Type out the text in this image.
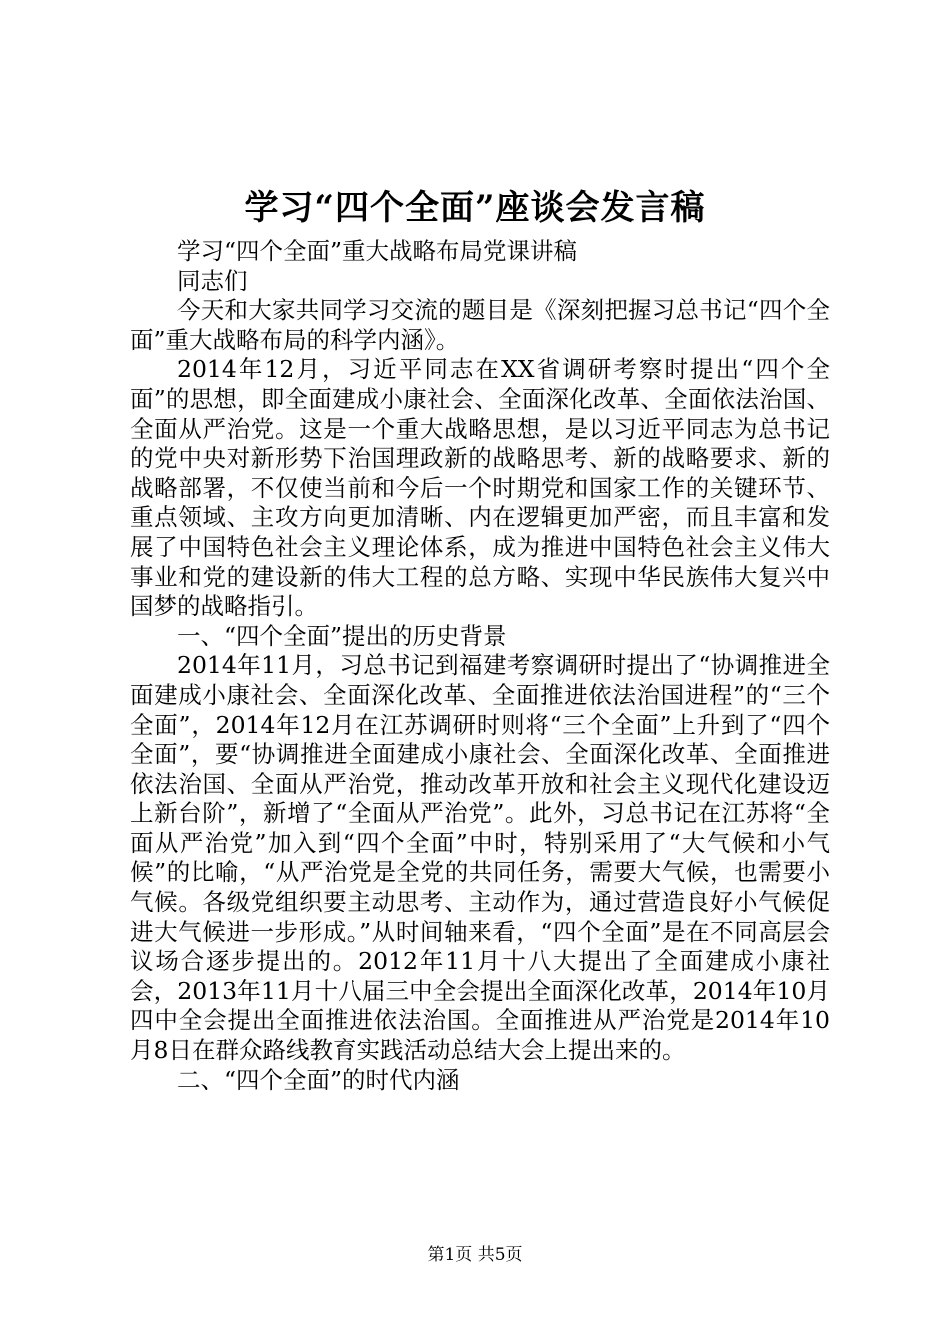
学习“四个全面”座谈会发言稿

学习“四个全面”重大战略布局党课讲稿

同志们

今天和大家共同学习交流的题目是《深刻把握习总书记“四个全面”重大战略布局的科学内涵》。

2014年12月，习近平同志在XX省调研考察时提出“四个全面”的思想，即全面建成小康社会、全面深化改革、全面依法治国、全面从严治党。这是一个重大战略思想，是以习近平同志为总书记的党中央对新形势下治国理政新的战略思考、新的战略要求、新的战略部署，不仅使当前和今后一个时期党和国家工作的关键环节、重点领域、主攻方向更加清晰、内在逻辑更加严密，而且丰富和发展了中国特色社会主义理论体系，成为推进中国特色社会主义伟大事业和党的建设新的伟大工程的总方略、实现中华民族伟大复兴中国梦的战略指引。

一、“四个全面”提出的历史背景

2014年11月，习总书记到福建考察调研时提出了“协调推进全面建成小康社会、全面深化改革、全面推进依法治国进程”的“三个全面”，2014年12月在江苏调研时则将“三个全面”上升到了“四个全面”，要“协调推进全面建成小康社会、全面深化改革、全面推进依法治国、全面从严治党，推动改革开放和社会主义现代化建设迈上新台阶”，新增了“全面从严治党”。此外，习总书记在江苏将“全面从严治党”加入到“四个全面”中时，特别采用了“大气候和小气候”的比喻，“从严治党是全党的共同任务，需要大气候，也需要小气候。各级党组织要主动思考、主动作为，通过营造良好小气候促进大气候进一步形成。”从时间轴来看，“四个全面”是在不同高层会议场合逐步提出的。2012年11月十八大提出了全面建成小康社会，2013年11月十八届三中全会提出全面深化改革，2014年10月四中全会提出全面推进依法治国。全面推进从严治党是2014年10月8日在群众路线教育实践活动总结大会上提出来的。

二、“四个全面”的时代内涵

第1页 共5页
